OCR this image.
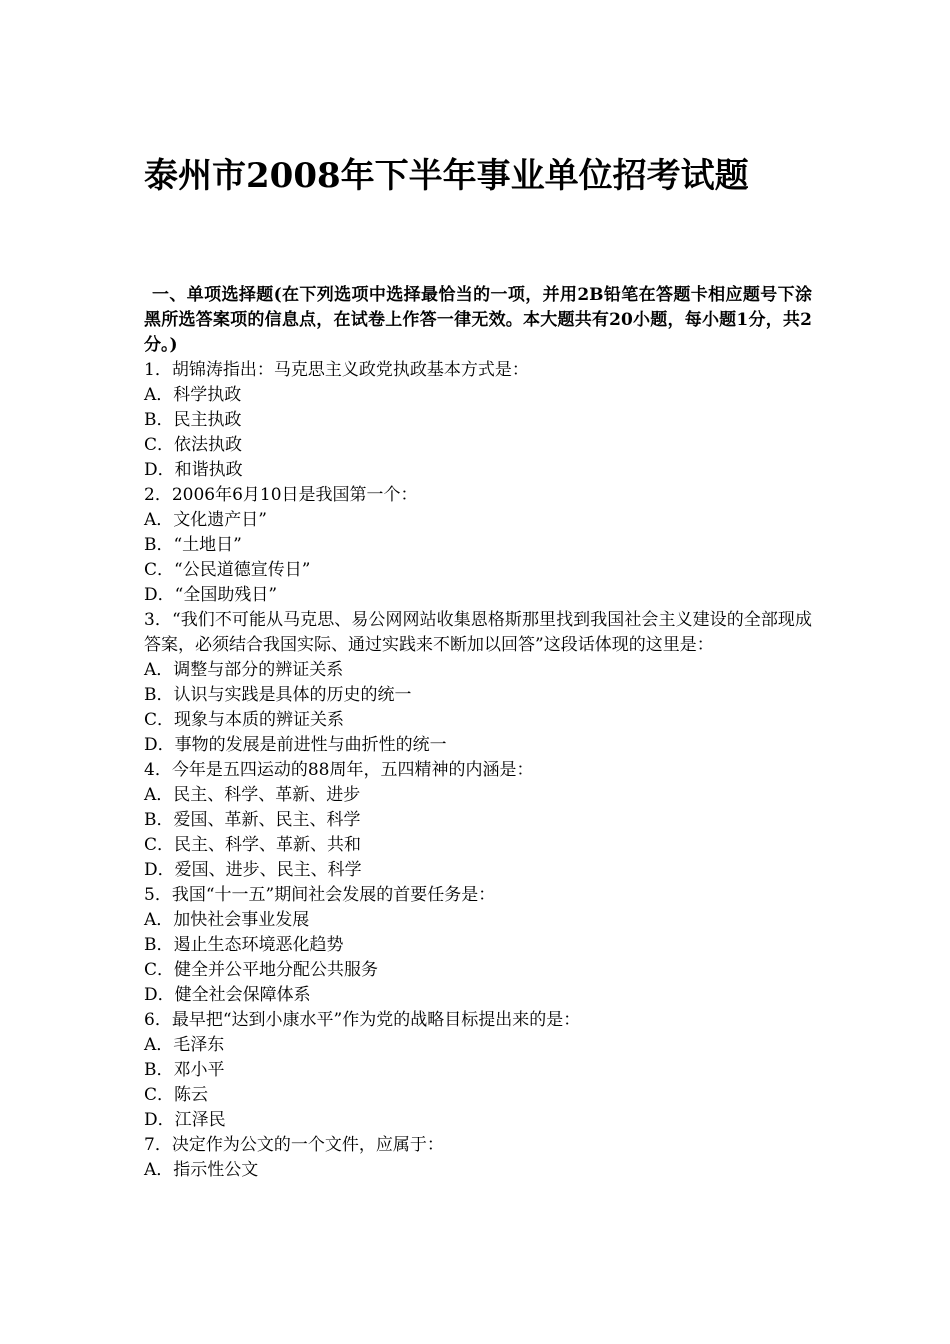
泰州市2008年下半年事业单位招考试题

一、单项选择题(在下列选项中选择最恰当的一项，并用2B铅笔在答题卡相应题号下涂黑所选答案项的信息点，在试卷上作答一律无效。本大题共有20小题，每小题1分，共2分。)

1．胡锦涛指出：马克思主义政党执政基本方式是：

A．科学执政

B．民主执政

C．依法执政

D．和谐执政

2．2006年6月10日是我国第一个：

A．文化遗产日”

B．“土地日”

C．“公民道德宣传日”

D．“全国助残日”

3．“我们不可能从马克思、易公网网站收集恩格斯那里找到我国社会主义建设的全部现成答案，必须结合我国实际、通过实践来不断加以回答”这段话体现的这里是：

A．调整与部分的辨证关系

B．认识与实践是具体的历史的统一

C．现象与本质的辨证关系

D．事物的发展是前进性与曲折性的统一

4．今年是五四运动的88周年，五四精神的内涵是：

A．民主、科学、革新、进步

B．爱国、革新、民主、科学

C．民主、科学、革新、共和

D．爱国、进步、民主、科学

5．我国“十一五”期间社会发展的首要任务是：

A．加快社会事业发展

B．遏止生态环境恶化趋势

C．健全并公平地分配公共服务

D．健全社会保障体系

6．最早把“达到小康水平”作为党的战略目标提出来的是：

A．毛泽东

B．邓小平

C．陈云

D．江泽民

7．决定作为公文的一个文件，应属于：

A．指示性公文
